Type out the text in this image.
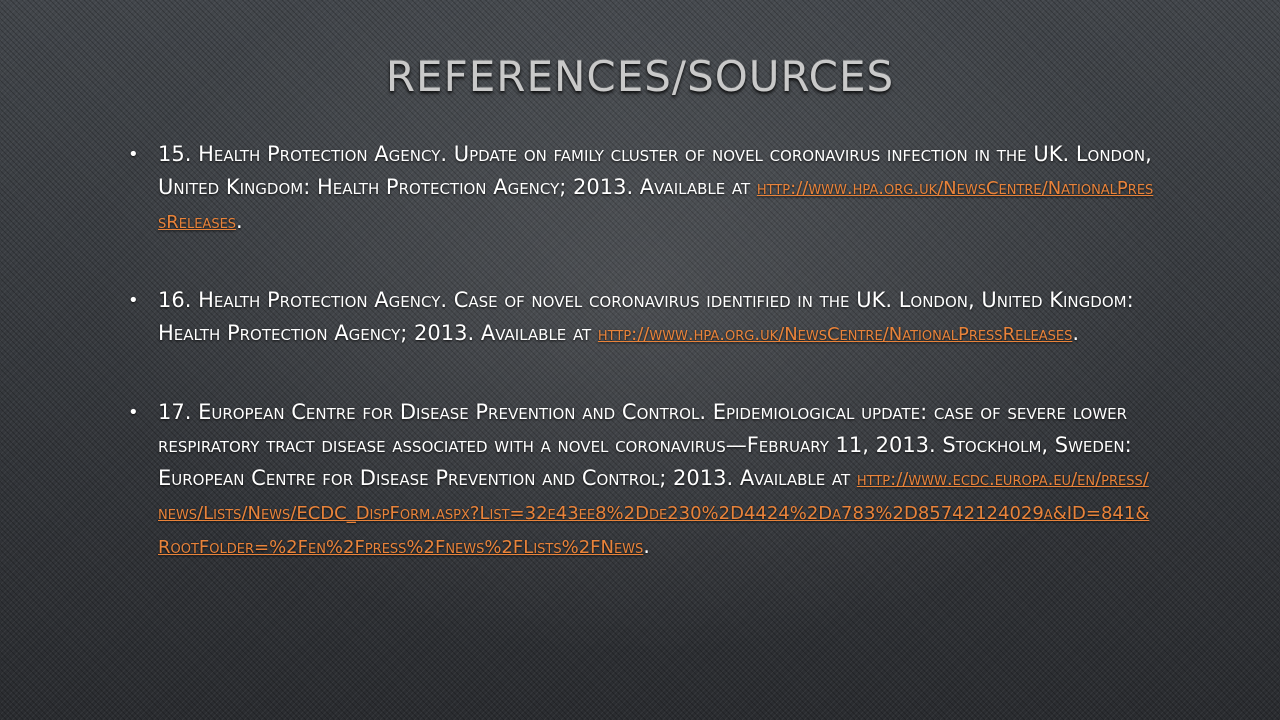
REFERENCES/SOURCES
• 15. Health Protection Agency. Update on family cluster of novel coronavirus infection in the UK. London, United Kingdom: Health Protection Agency; 2013. Available at http://www.hpa.org.uk/NewsCentre/NationalPressReleases.
• 16. Health Protection Agency. Case of novel coronavirus identified in the UK. London, United Kingdom: Health Protection Agency; 2013. Available at http://www.hpa.org.uk/NewsCentre/NationalPressReleases.
• 17. European Centre for Disease Prevention and Control. Epidemiological update: case of severe lower respiratory tract disease associated with a novel coronavirus—February 11, 2013. Stockholm, Sweden: European Centre for Disease Prevention and Control; 2013. Available at http://www.ecdc.europa.eu/en/press/news/Lists/News/ECDC_DispForm.aspx?List=32e43ee8%2Dde230%2D4424%2Da783%2D85742124029a&ID=841&RootFolder=%2Fen%2Fpress%2Fnews%2FLists%2FNews.
